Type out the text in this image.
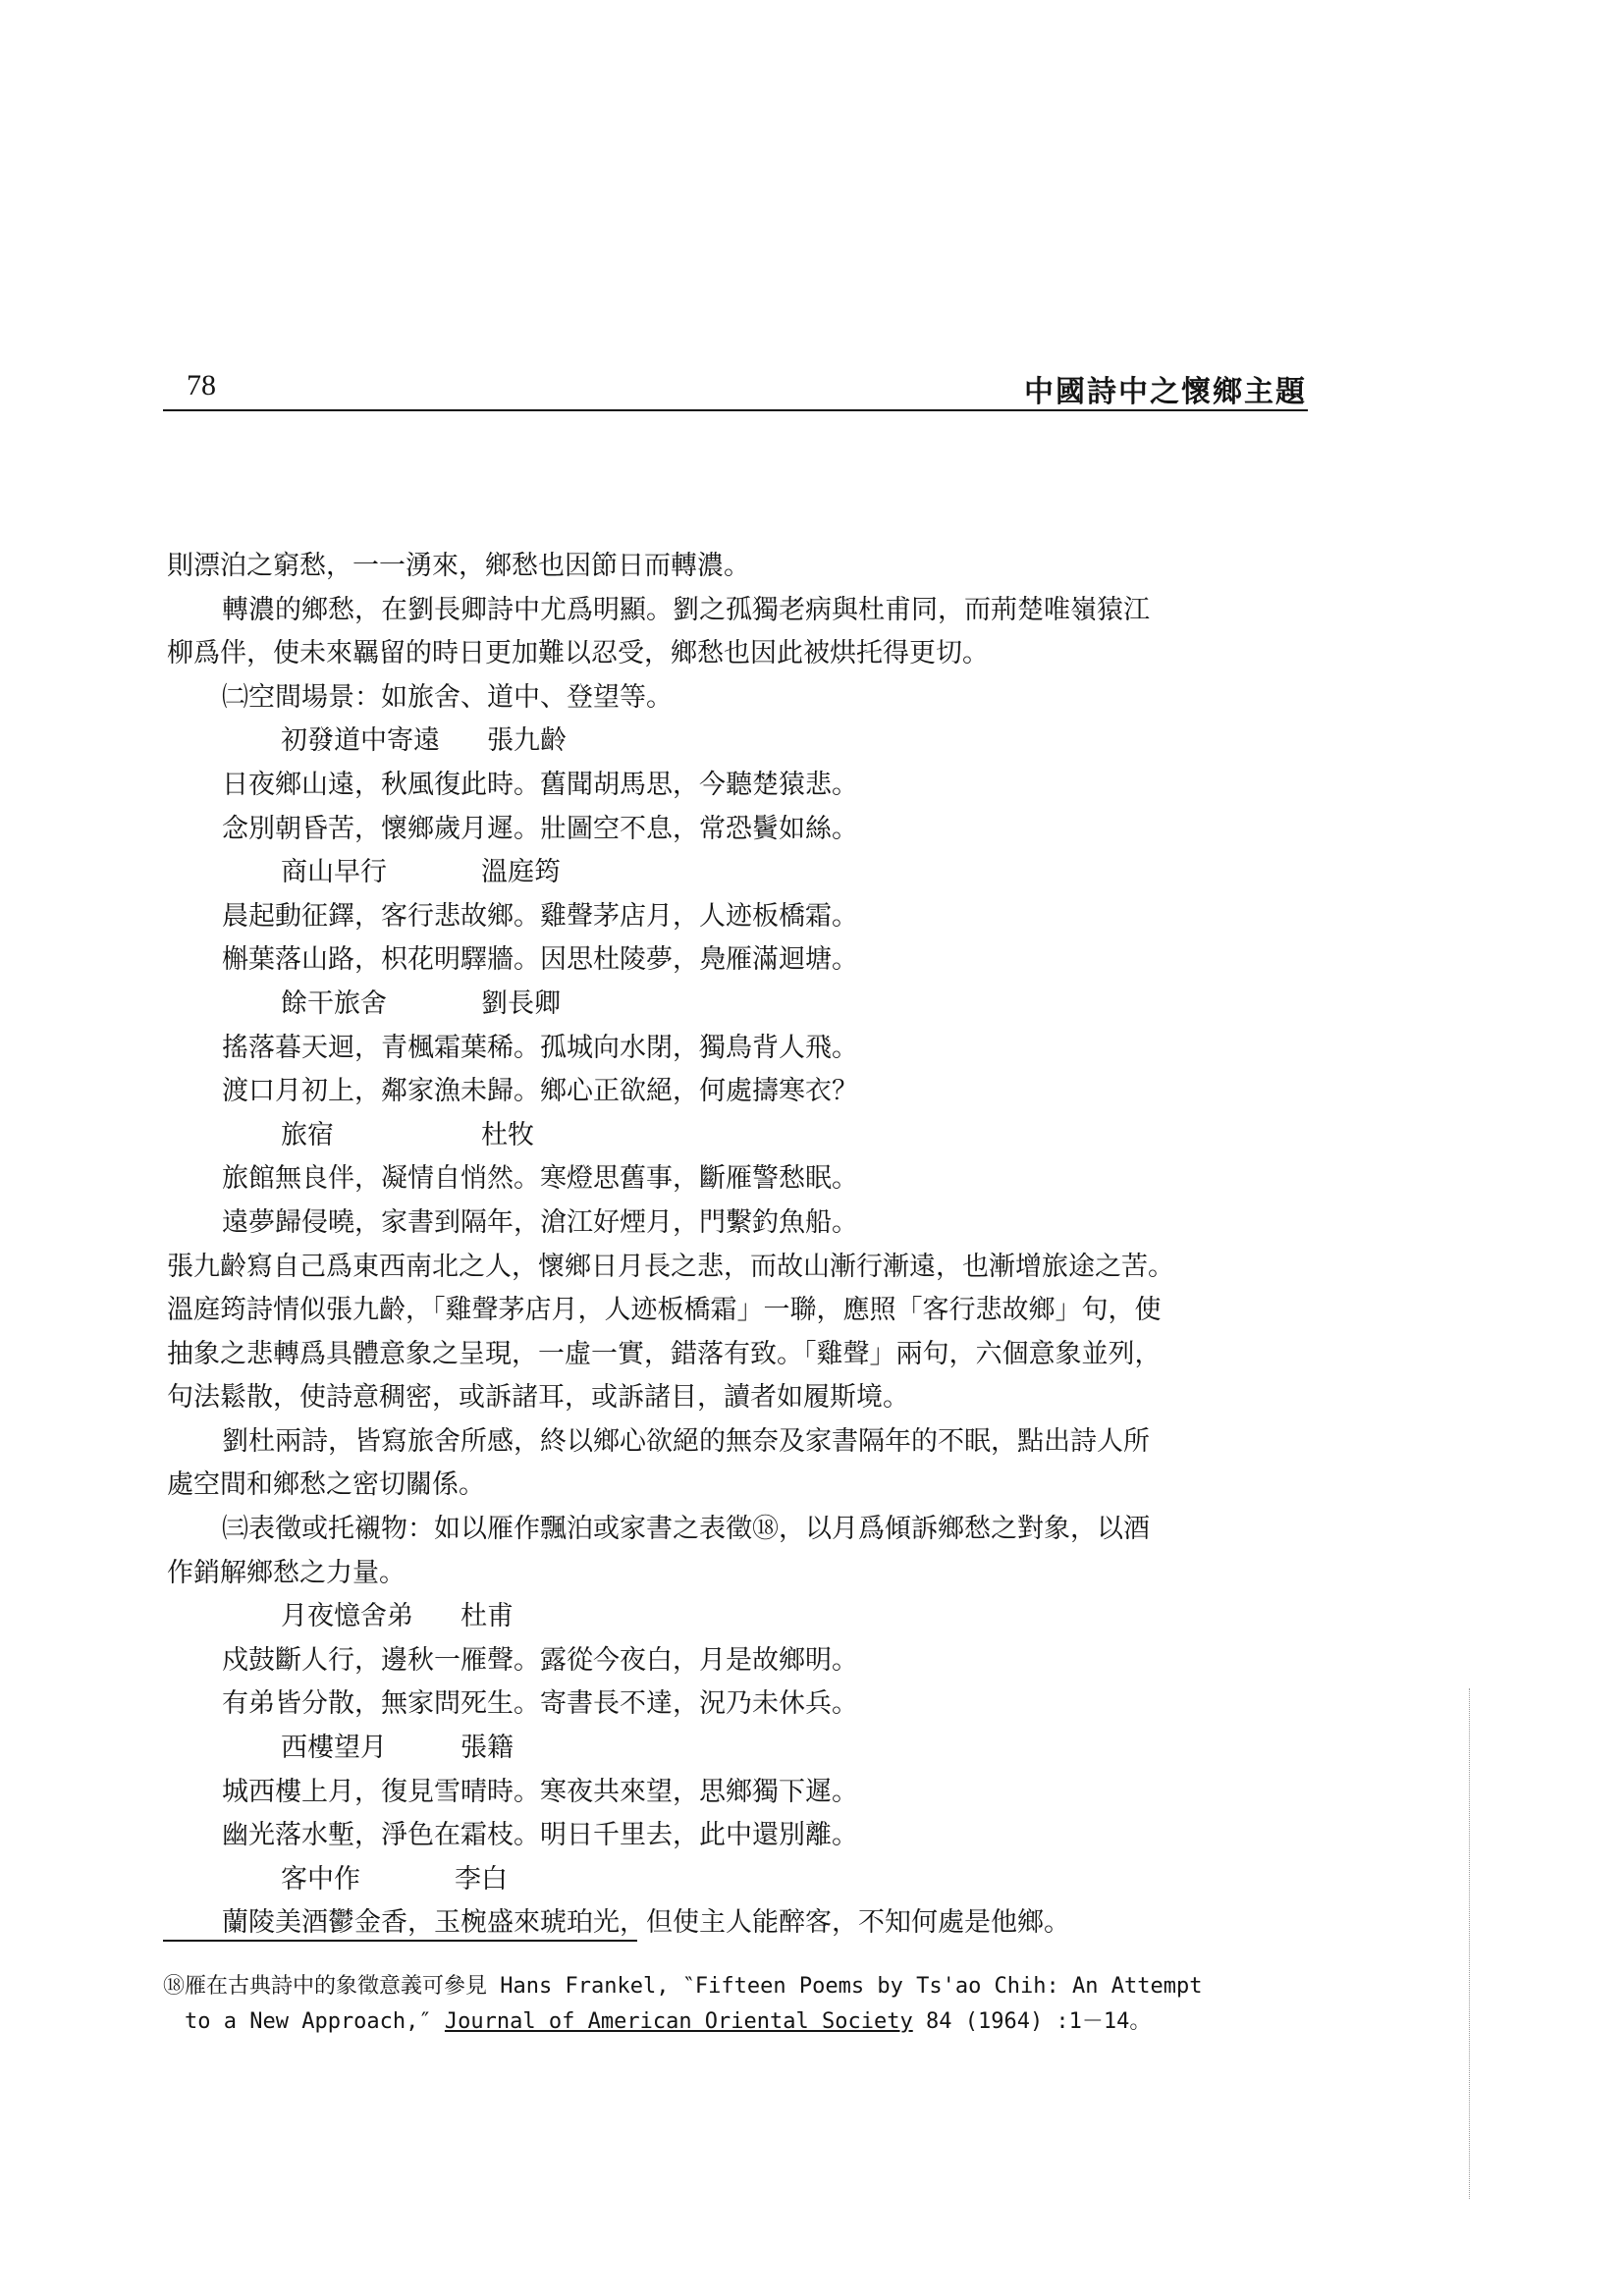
78	中國詩中之懷鄉主題
則漂泊之窮愁，一一湧來，鄉愁也因節日而轉濃。
轉濃的鄉愁，在劉長卿詩中尤爲明顯。劉之孤獨老病與杜甫同，而荊楚唯嶺猿江
柳爲伴，使未來羈留的時日更加難以忍受，鄉愁也因此被烘托得更切。
㈡空間場景：如旅舍、道中、登望等。
初發道中寄遠 張九齡
日夜鄉山遠，秋風復此時。舊聞胡馬思，今聽楚猿悲。
念別朝昏苦，懷鄉歲月遲。壯圖空不息，常恐鬢如絲。
商山早行	溫庭筠
晨起動征鐸，客行悲故鄉。雞聲茅店月，人迹板橋霜。
槲葉落山路，枳花明驛牆。因思杜陵夢，鳧雁滿迴塘。
餘干旅舍	劉長卿
搖落暮天迴，青楓霜葉稀。孤城向水閉，獨鳥背人飛。
渡口月初上，鄰家漁未歸。鄉心正欲絕，何處擣寒衣？
旅宿	杜牧
旅館無良伴，凝情自悄然。寒燈思舊事，斷雁警愁眠。
遠夢歸侵曉，家書到隔年，滄江好煙月，門繫釣魚船。
張九齡寫自己爲東西南北之人，懷鄉日月長之悲，而故山漸行漸遠，也漸增旅途之苦。
溫庭筠詩情似張九齡，「雞聲茅店月，人迹板橋霜」一聯，應照「客行悲故鄉」句，使
抽象之悲轉爲具體意象之呈現，一虛一實，錯落有致。「雞聲」兩句，六個意象並列，
句法鬆散，使詩意稠密，或訴諸耳，或訴諸目，讀者如履斯境。
劉杜兩詩，皆寫旅舍所感，終以鄉心欲絕的無奈及家書隔年的不眠，點出詩人所
處空間和鄉愁之密切關係。
㈢表徵或托襯物：如以雁作飄泊或家書之表徵⑱，以月爲傾訴鄉愁之對象，以酒
作銷解鄉愁之力量。
月夜憶舍弟 杜甫
戍鼓斷人行，邊秋一雁聲。露從今夜白，月是故鄉明。
有弟皆分散，無家問死生。寄書長不達，況乃未休兵。
西樓望月	張籍
城西樓上月，復見雪晴時。寒夜共來望，思鄉獨下遲。
幽光落水塹，淨色在霜枝。明日千里去，此中還別離。
客中作	李白
蘭陵美酒鬱金香，玉椀盛來琥珀光，但使主人能醉客，不知何處是他鄉。
⑱雁在古典詩中的象徵意義可參見 Hans Frankel, ‶Fifteen Poems by Ts'ao Chih: An Attempt
to a New Approach,″ Journal of American Oriental Society 84 (1964) :1－14。
